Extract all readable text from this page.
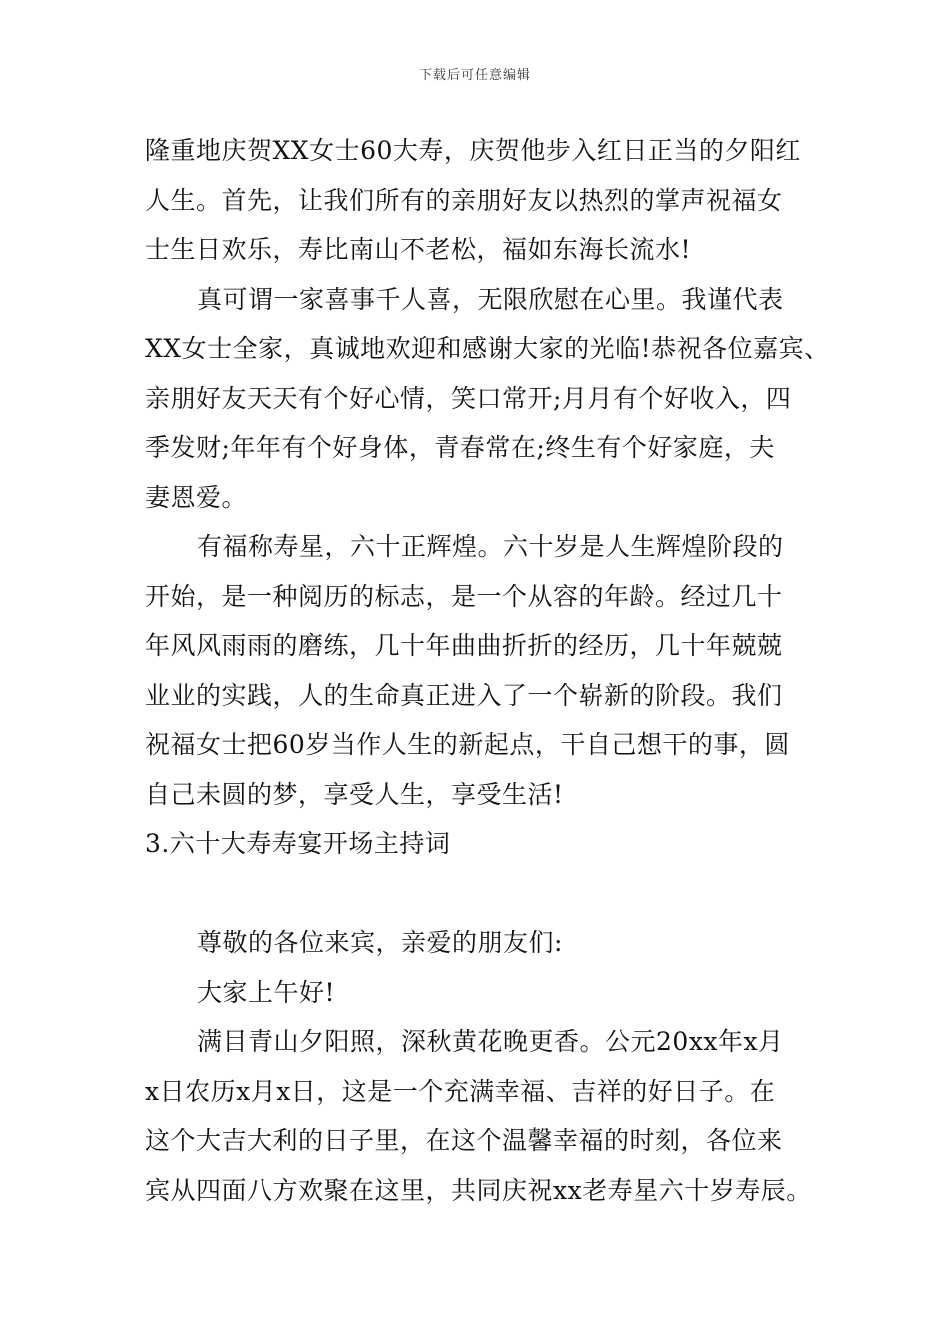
下载后可任意编辑
隆重地庆贺XX女士60大寿，庆贺他步入红日正当的夕阳红
人生。首先，让我们所有的亲朋好友以热烈的掌声祝福女
士生日欢乐，寿比南山不老松，福如东海长流水!
真可谓一家喜事千人喜，无限欣慰在心里。我谨代表
XX女士全家，真诚地欢迎和感谢大家的光临!恭祝各位嘉宾、
亲朋好友天天有个好心情，笑口常开;月月有个好收入，四
季发财;年年有个好身体，青春常在;终生有个好家庭，夫
妻恩爱。
有福称寿星，六十正辉煌。六十岁是人生辉煌阶段的
开始，是一种阅历的标志，是一个从容的年龄。经过几十
年风风雨雨的磨练，几十年曲曲折折的经历，几十年兢兢
业业的实践，人的生命真正进入了一个崭新的阶段。我们
祝福女士把60岁当作人生的新起点，干自己想干的事，圆
自己未圆的梦，享受人生，享受生活!
3.六十大寿寿宴开场主持词
尊敬的各位来宾，亲爱的朋友们:
大家上午好!
满目青山夕阳照，深秋黄花晚更香。公元20xx年x月
x日农历x月x日，这是一个充满幸福、吉祥的好日子。在
这个大吉大利的日子里，在这个温馨幸福的时刻，各位来
宾从四面八方欢聚在这里，共同庆祝xx老寿星六十岁寿辰。
